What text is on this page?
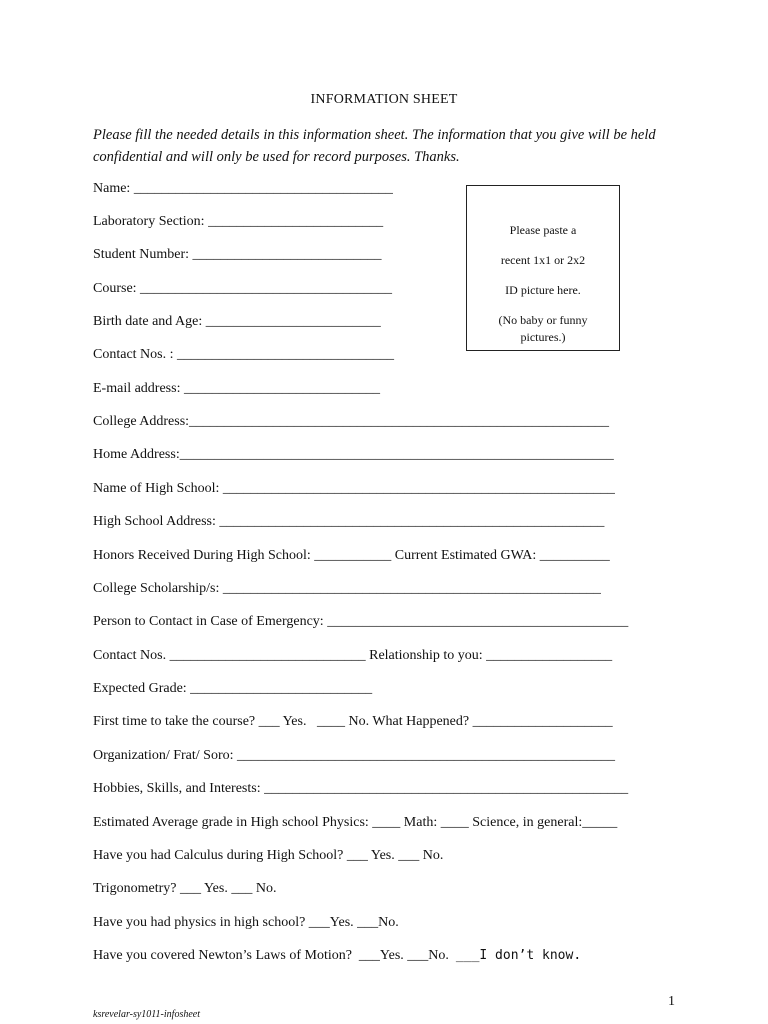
INFORMATION SHEET
Please fill the needed details in this information sheet. The information that you give will be held confidential and will only be used for record purposes. Thanks.
Please paste a
recent 1x1 or 2x2
ID picture here.
(No baby or funny
pictures.)
Name: _____________________________________
Laboratory Section: _________________________
Student Number: ___________________________
Course: ____________________________________
Birth date and Age: _________________________
Contact Nos. : _______________________________
E-mail address: ____________________________
College Address:____________________________________________________________
Home Address:______________________________________________________________
Name of High School: ________________________________________________________
High School Address: _______________________________________________________
Honors Received During High School: ___________ Current Estimated GWA: __________
College Scholarship/s: ______________________________________________________
Person to Contact in Case of Emergency: ___________________________________________
Contact Nos. ____________________________ Relationship to you: __________________
Expected Grade: __________________________
First time to take the course? ___ Yes.   ____ No. What Happened? ____________________
Organization/ Frat/ Soro: ______________________________________________________
Hobbies, Skills, and Interests: ____________________________________________________
Estimated Average grade in High school Physics: ____ Math: ____ Science, in general:_____
Have you had Calculus during High School? ___ Yes. ___ No.
Trigonometry? ___ Yes. ___ No.
Have you had physics in high school? ___Yes. ___No.
Have you covered Newton’s Laws of Motion?  ___Yes. ___No.  ___I don’t know.
1
ksrevelar-sy1011-infosheet
